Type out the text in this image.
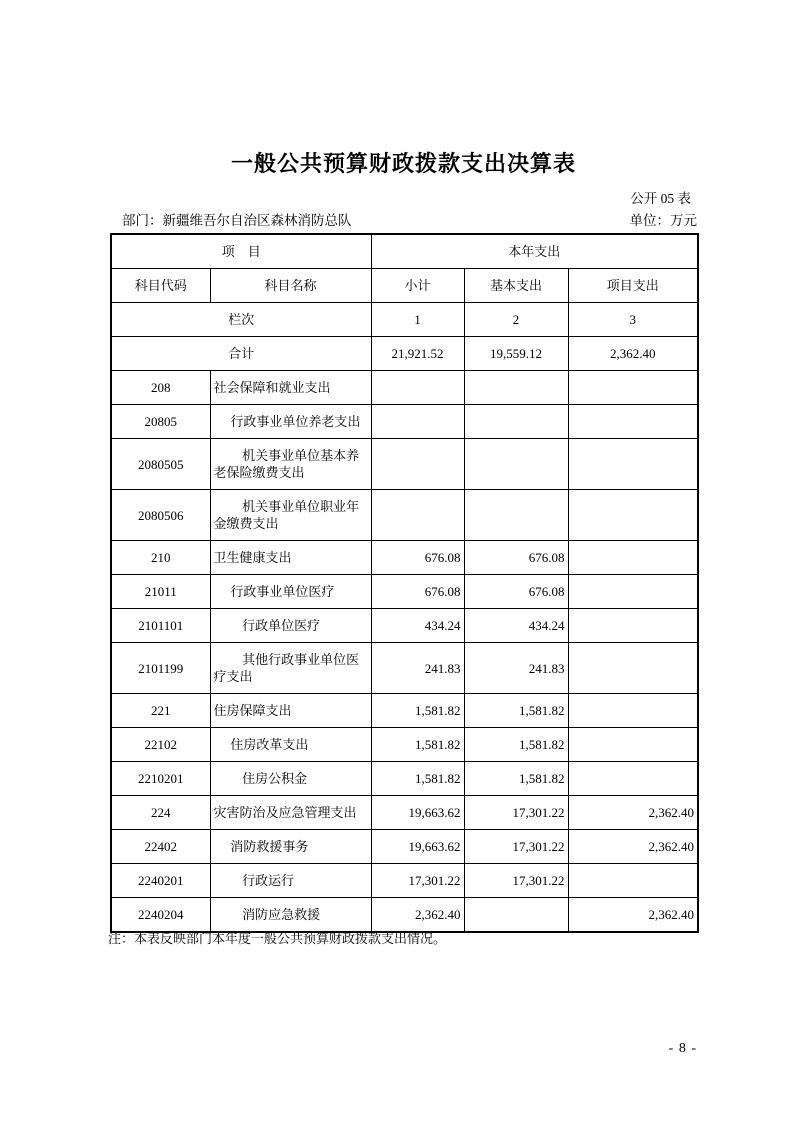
一般公共预算财政拨款支出决算表
公开 05 表
部门：新疆维吾尔自治区森林消防总队	单位：万元
项　目		本年支出		
科目代码	科目名称	小计	基本支出	项目支出
栏次		1	2	3
合计		21,921.52	19,559.12	2,362.40
208	社会保障和就业支出			
20805	行政事业单位养老支出			
2080505	机关事业单位基本养老保险缴费支出			
2080506	机关事业单位职业年金缴费支出			
210	卫生健康支出	676.08	676.08	
21011	行政事业单位医疗	676.08	676.08	
2101101	行政单位医疗	434.24	434.24	
2101199	其他行政事业单位医疗支出	241.83	241.83	
221	住房保障支出	1,581.82	1,581.82	
22102	住房改革支出	1,581.82	1,581.82	
2210201	住房公积金	1,581.82	1,581.82	
224	灾害防治及应急管理支出	19,663.62	17,301.22	2,362.40
22402	消防救援事务	19,663.62	17,301.22	2,362.40
2240201	行政运行	17,301.22	17,301.22	
2240204	消防应急救援	2,362.40		2,362.40
注：本表反映部门本年度一般公共预算财政拨款支出情况。
- 8 -
